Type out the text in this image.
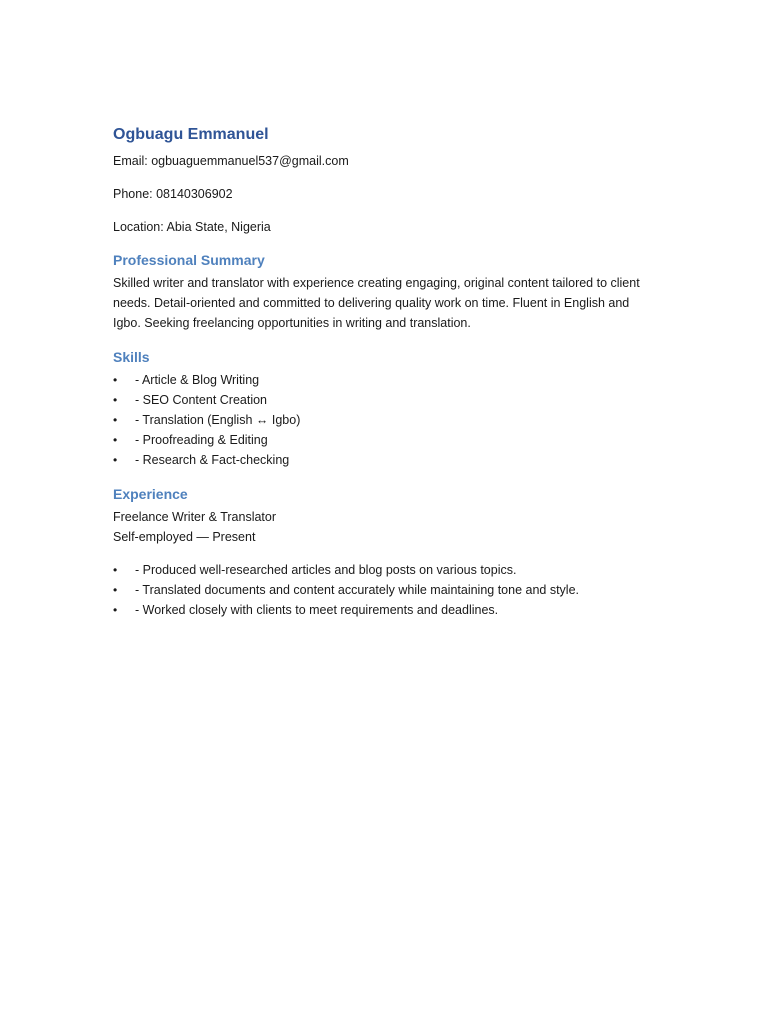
Ogbuagu Emmanuel

Email: ogbuaguemmanuel537@gmail.com

Phone: 08140306902

Location: Abia State, Nigeria

Professional Summary

Skilled writer and translator with experience creating engaging, original content tailored to client needs. Detail-oriented and committed to delivering quality work on time. Fluent in English and Igbo. Seeking freelancing opportunities in writing and translation.

Skills
•	- Article & Blog Writing
•	- SEO Content Creation
•	- Translation (English ↔ Igbo)
•	- Proofreading & Editing
•	- Research & Fact-checking
Experience

Freelance Writer & Translator

Self-employed — Present

•	- Produced well-researched articles and blog posts on various topics.
•	- Translated documents and content accurately while maintaining tone and style.
•	- Worked closely with clients to meet requirements and deadlines.
